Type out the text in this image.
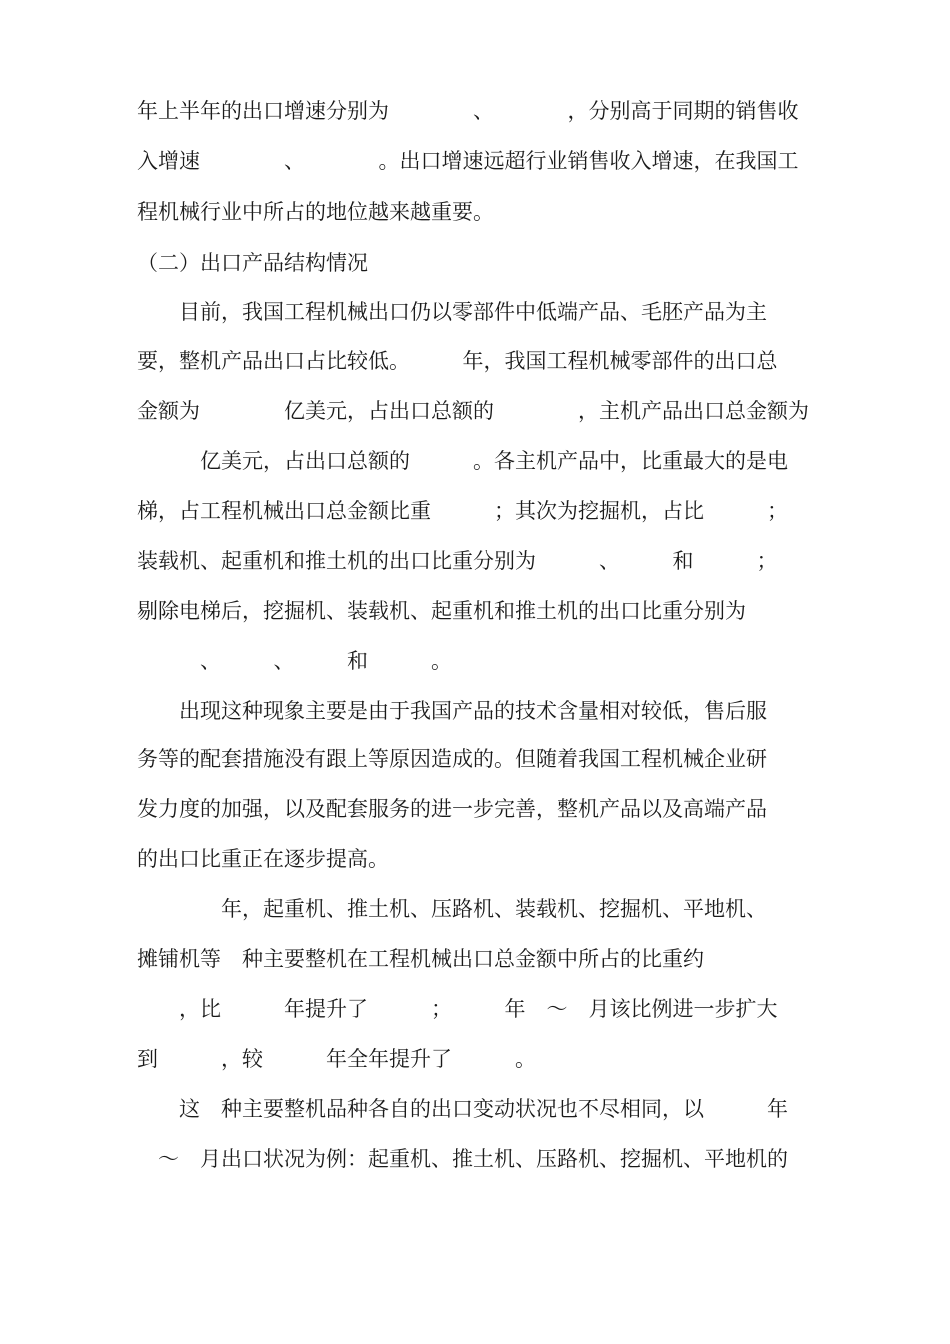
年上半年的出口增速分别为　　　　、　　　　，分别高于同期的销售收
入增速　　　　、　　　　。出口增速远超行业销售收入增速，在我国工
程机械行业中所占的地位越来越重要。
（二）出口产品结构情况
　　目前，我国工程机械出口仍以零部件中低端产品、毛胚产品为主
要，整机产品出口占比较低。　　　年，我国工程机械零部件的出口总
金额为　　　　亿美元，占出口总额的　　　　，主机产品出口总金额为
　　　亿美元，占出口总额的　　　。各主机产品中，比重最大的是电
梯，占工程机械出口总金额比重　　　；其次为挖掘机，占比　　　；
装载机、起重机和推土机的出口比重分别为　　　、　　　和　　　；
剔除电梯后，挖掘机、装载机、起重机和推土机的出口比重分别为
　　　、　　　、　　　和　　　。
　　出现这种现象主要是由于我国产品的技术含量相对较低，售后服
务等的配套措施没有跟上等原因造成的。但随着我国工程机械企业研
发力度的加强，以及配套服务的进一步完善，整机产品以及高端产品
的出口比重正在逐步提高。
　　　　年，起重机、推土机、压路机、装载机、挖掘机、平地机、
摊铺机等　种主要整机在工程机械出口总金额中所占的比重约
　　，比　　　年提升了　　　；　　　年　～　月该比例进一步扩大
到　　　，较　　　年全年提升了　　　。
　　这　种主要整机品种各自的出口变动状况也不尽相同，以　　　年
　～　月出口状况为例：起重机、推土机、压路机、挖掘机、平地机的
